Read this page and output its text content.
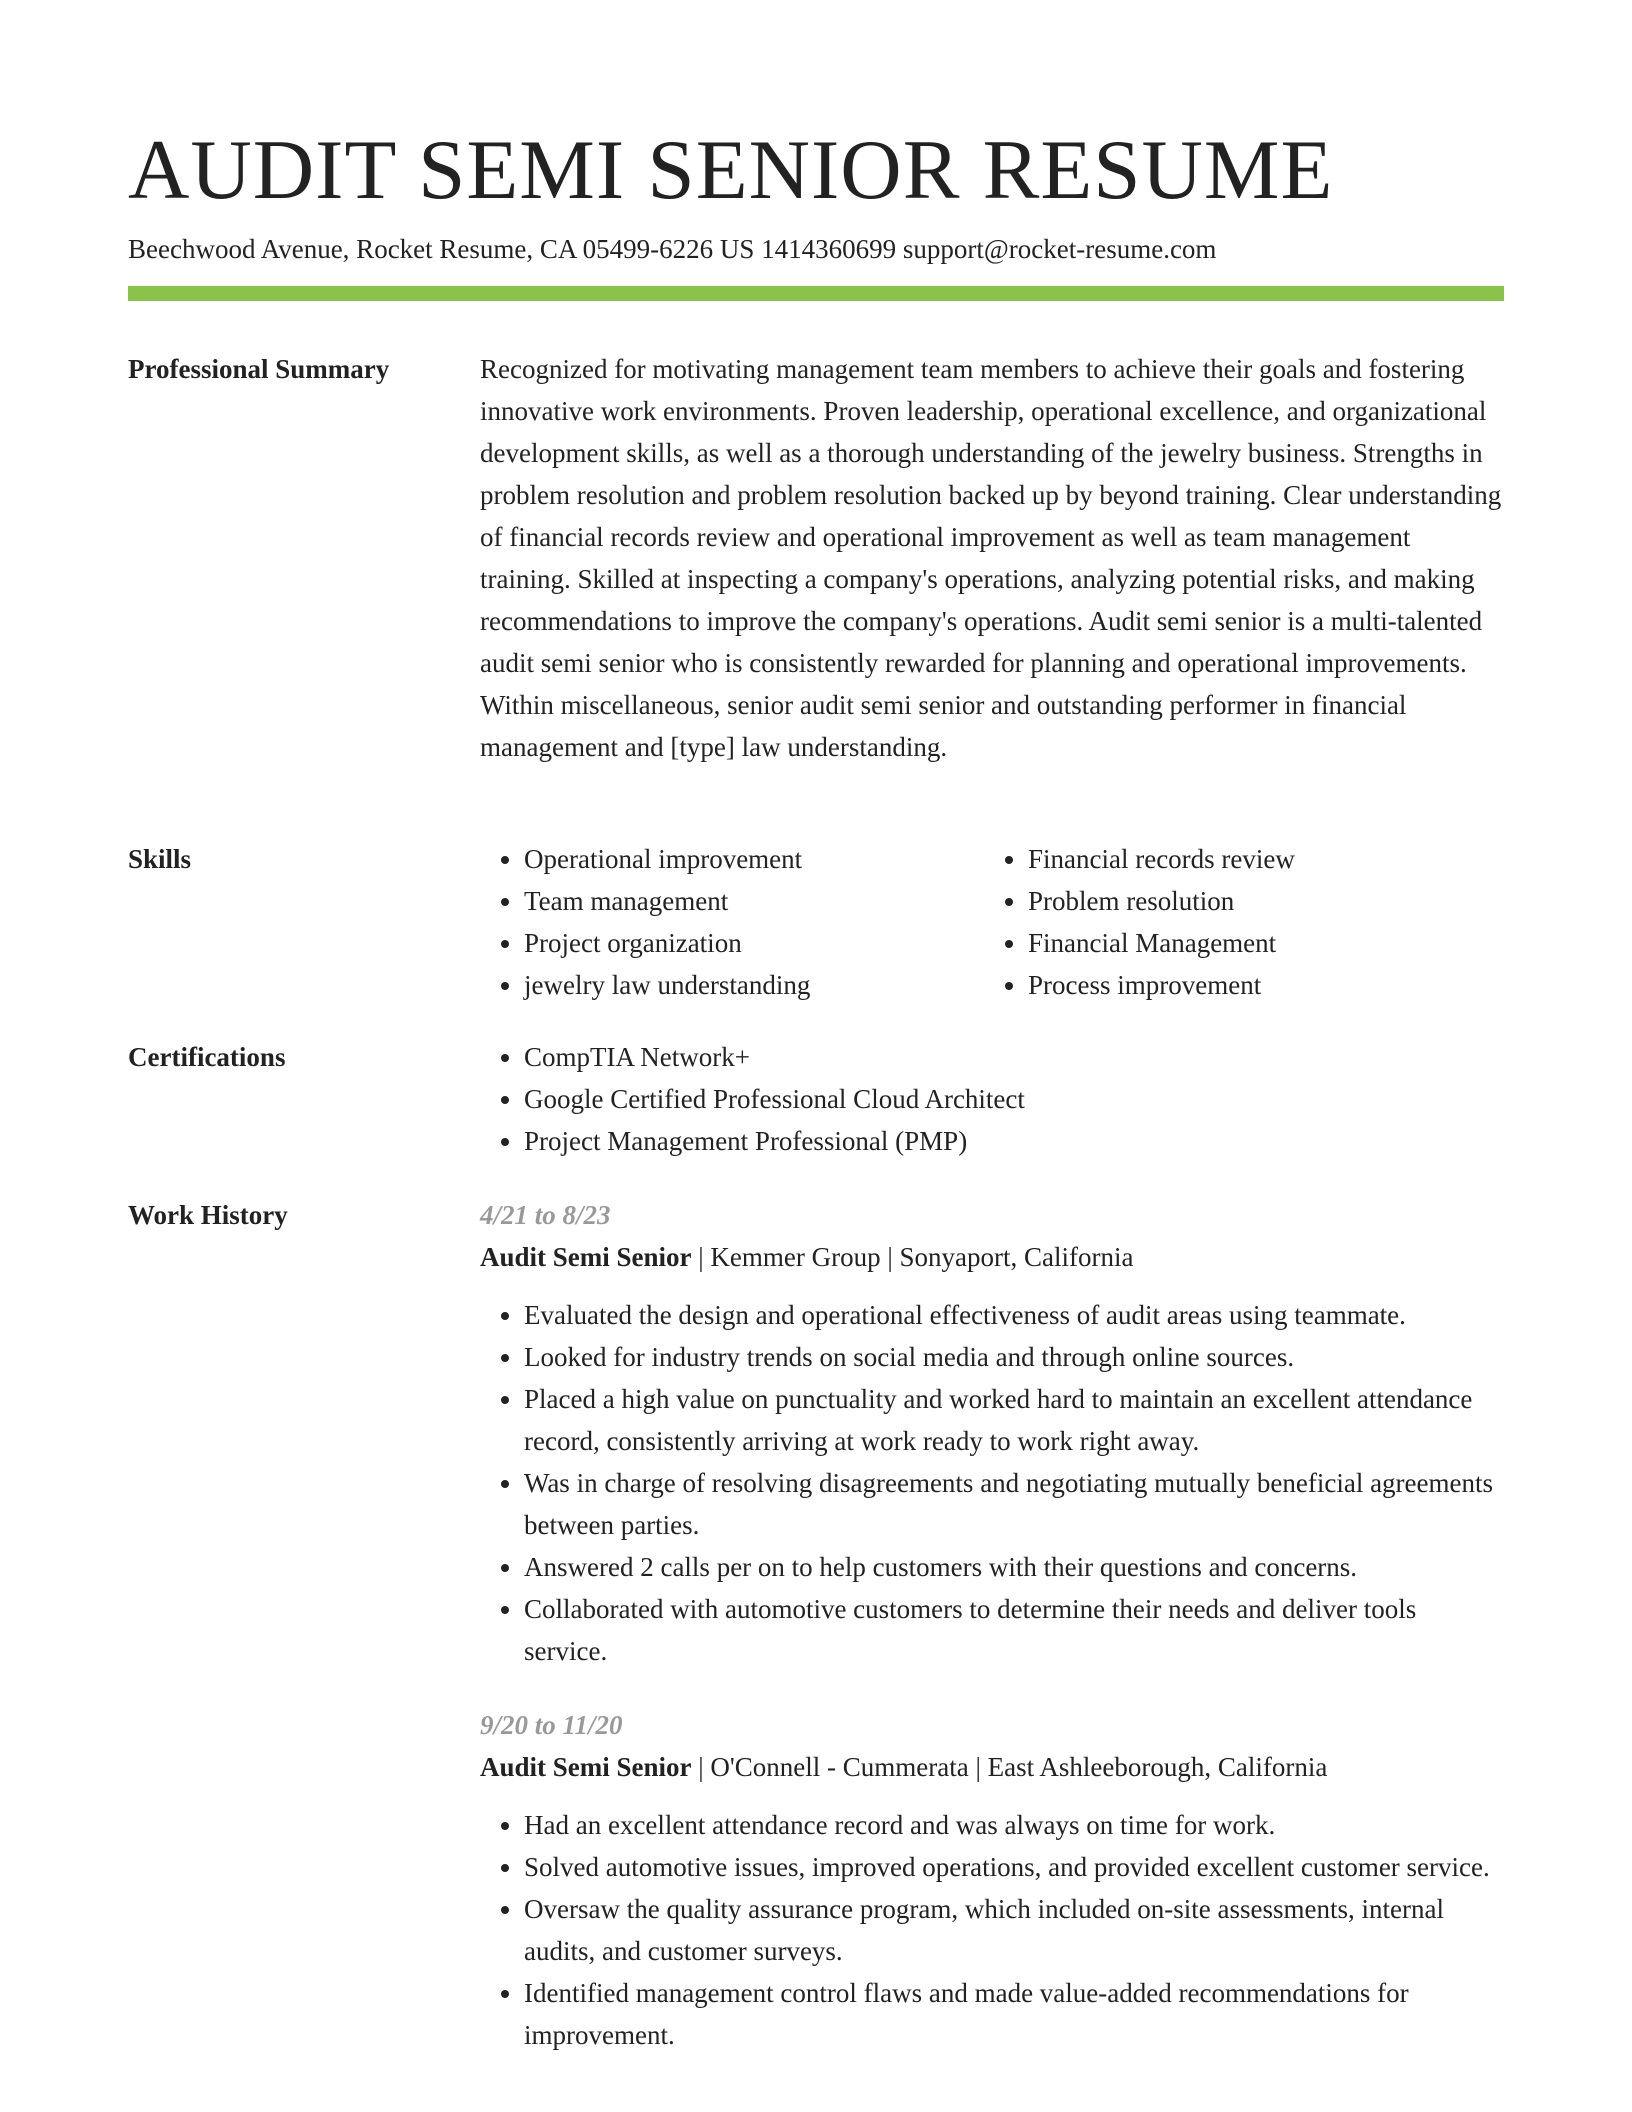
AUDIT SEMI SENIOR RESUME
Beechwood Avenue, Rocket Resume, CA 05499-6226 US 1414360699 support@rocket-resume.com
Professional Summary	Recognized for motivating management team members to achieve their goals and fostering innovative work environments. Proven leadership, operational excellence, and organizational development skills, as well as a thorough understanding of the jewelry business. Strengths in problem resolution and problem resolution backed up by beyond training. Clear understanding of financial records review and operational improvement as well as team management training. Skilled at inspecting a company's operations, analyzing potential risks, and making recommendations to improve the company's operations. Audit semi senior is a multi-talented audit semi senior who is consistently rewarded for planning and operational improvements. Within miscellaneous, senior audit semi senior and outstanding performer in financial management and [type] law understanding.

Skills	• Operational improvement
• Team management
• Project organization
• jewelry law understanding
• Financial records review
• Problem resolution
• Financial Management
• Process improvement
Certifications	• CompTIA Network+
• Google Certified Professional Cloud Architect
• Project Management Professional (PMP)
Work History	4/21 to 8/23
Audit Semi Senior | Kemmer Group | Sonyaport, California
• Evaluated the design and operational effectiveness of audit areas using teammate.
• Looked for industry trends on social media and through online sources.
• Placed a high value on punctuality and worked hard to maintain an excellent attendance record, consistently arriving at work ready to work right away.
• Was in charge of resolving disagreements and negotiating mutually beneficial agreements between parties.
• Answered 2 calls per on to help customers with their questions and concerns.
• Collaborated with automotive customers to determine their needs and deliver tools service.
9/20 to 11/20
Audit Semi Senior | O'Connell - Cummerata | East Ashleeborough, California
• Had an excellent attendance record and was always on time for work.
• Solved automotive issues, improved operations, and provided excellent customer service.
• Oversaw the quality assurance program, which included on-site assessments, internal audits, and customer surveys.
• Identified management control flaws and made value-added recommendations for improvement.
